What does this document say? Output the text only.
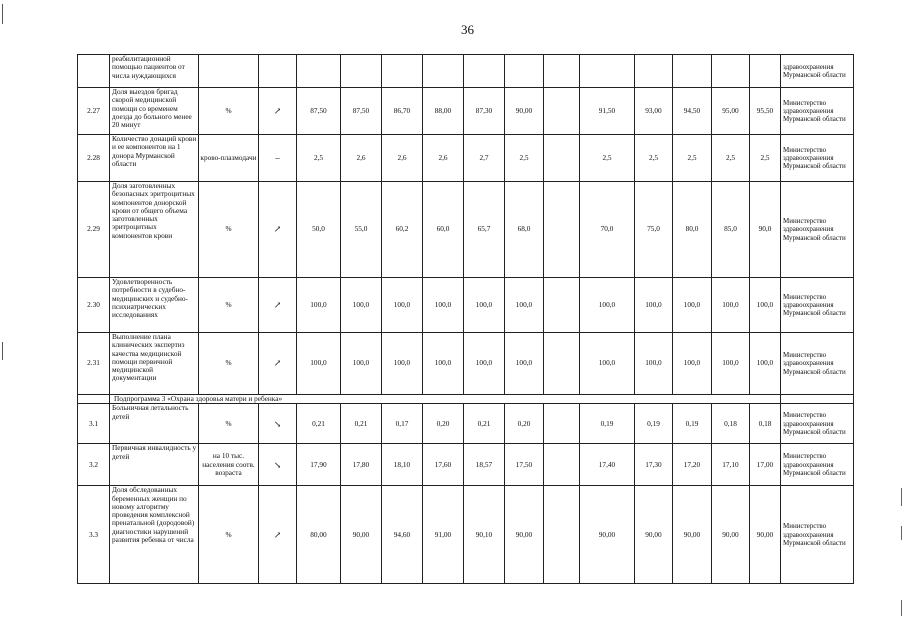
36
	реабилитационной помощью пациентов от числа нуждающихся															здравоохранения Мурманской области
2.27	Доля выездов бригад скорой медицинской помощи со временем доезда до больного менее 20 минут	%	↗	87,50	87,50	86,70	88,00	87,30	90,00		91,50	93,00	94,50	95,00	95,50	Министерство здравоохранения Мурманской области
2.28	Количество донаций крови и ее компонентов на 1 донора Мурманской области	крово-плазмодачи	–	2,5	2,6	2,6	2,6	2,7	2,5		2,5	2,5	2,5	2,5	2,5	Министерство здравоохранения Мурманской области
2.29	Доля заготовленных безопасных эритроцитных компонентов донорской крови от общего объема заготовленных эритроцитных компонентов крови	%	↗	50,0	55,0	60,2	60,0	65,7	68,0		70,0	75,0	80,0	85,0	90,0	Министерство здравоохранения Мурманской области
2.30	Удовлетворенность потребности в судебно-медицинских и судебно-психиатрических исследованиях	%	↗	100,0	100,0	100,0	100,0	100,0	100,0		100,0	100,0	100,0	100,0	100,0	Министерство здравоохранения Мурманской области
2.31	Выполнение плана клинических экспертиз качества медицинской помощи первичной медицинской документации	%	↗	100,0	100,0	100,0	100,0	100,0	100,0		100,0	100,0	100,0	100,0	100,0	Министерство здравоохранения Мурманской области
	Подпрограмма 3 «Охрана здоровья матери и ребенка»															
3.1	Больничная летальность детей	%	↘	0,21	0,21	0,17	0,20	0,21	0,20		0,19	0,19	0,19	0,18	0,18	Министерство здравоохранения Мурманской области
3.2	Первичная инвалидность у детей	на 10 тыс. населения соотв. возраста	↘	17,90	17,80	18,10	17,60	18,57	17,50		17,40	17,30	17,20	17,10	17,00	Министерство здравоохранения Мурманской области
3.3	Доля обследованных беременных женщин по новому алгоритму проведения комплексной пренатальной (дородовой) диагностики нарушений развития ребенка от числа	%	↗	80,00	90,00	94,60	91,00	90,10	90,00		90,00	90,00	90,00	90,00	90,00	Министерство здравоохранения Мурманской области
